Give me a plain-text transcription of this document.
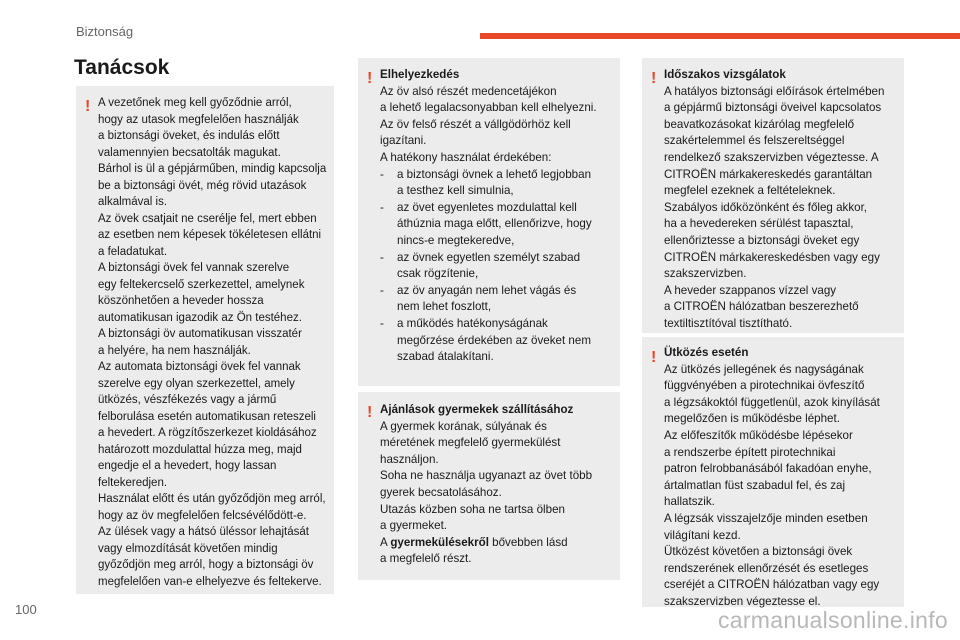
Biztonság
Tanácsok
! A vezetőnek meg kell győződnie arról,
hogy az utasok megfelelően használják
a biztonsági öveket, és indulás előtt
valamennyien becsatolták magukat.
Bárhol is ül a gépjárműben, mindig kapcsolja
be a biztonsági övét, még rövid utazások
alkalmával is.
Az övek csatjait ne cserélje fel, mert ebben
az esetben nem képesek tökéletesen ellátni
a feladatukat.
A biztonsági övek fel vannak szerelve
egy feltekercselő szerkezettel, amelynek
köszönhetően a heveder hossza
automatikusan igazodik az Ön testéhez.
A biztonsági öv automatikusan visszatér
a helyére, ha nem használják.
Az automata biztonsági övek fel vannak
szerelve egy olyan szerkezettel, amely
ütközés, vészfékezés vagy a jármű
felborulása esetén automatikusan reteszeli
a hevedert. A rögzítőszerkezet kioldásához
határozott mozdulattal húzza meg, majd
engedje el a hevedert, hogy lassan
feltekeredjen.
Használat előtt és után győződjön meg arról,
hogy az öv megfelelően felcsévélődött-e.
Az ülések vagy a hátsó üléssor lehajtását
vagy elmozdítását követően mindig
győződjön meg arról, hogy a biztonsági öv
megfelelően van-e elhelyezve és feltekerve.
! Elhelyezkedés
Az öv alsó részét medencetájékon
a lehető legalacsonyabban kell elhelyezni.
Az öv felső részét a vállgödörhöz kell
igazítani.
A hatékony használat érdekében:
-	a biztonsági övnek a lehető legjobban
a testhez kell simulnia,
-	az övet egyenletes mozdulattal kell
áthúznia maga előtt, ellenőrizve, hogy
nincs-e megtekeredve,
-	az övnek egyetlen személyt szabad
csak rögzítenie,
-	az öv anyagán nem lehet vágás és
nem lehet foszlott,
-	a működés hatékonyságának
megőrzése érdekében az öveket nem
szabad átalakítani.
! Ajánlások gyermekek szállításához
A gyermek korának, súlyának és
méretének megfelelő gyermekülést
használjon.
Soha ne használja ugyanazt az övet több
gyerek becsatolásához.
Utazás közben soha ne tartsa ölben
a gyermeket.
A gyermekülésekről bővebben lásd
a megfelelő részt.
! Időszakos vizsgálatok
A hatályos biztonsági előírások értelmében
a gépjármű biztonsági öveivel kapcsolatos
beavatkozásokat kizárólag megfelelő
szakértelemmel és felszereltséggel
rendelkező szakszervizben végeztesse. A
CITROËN márkakereskedés garantáltan
megfelel ezeknek a feltételeknek.
Szabályos időközönként és főleg akkor,
ha a hevedereken sérülést tapasztal,
ellenőriztesse a biztonsági öveket egy
CITROËN márkakereskedésben vagy egy
szakszervizben.
A heveder szappanos vízzel vagy
a CITROËN hálózatban beszerezhető
textiltisztítóval tisztítható.
! Ütközés esetén
Az ütközés jellegének és nagyságának
függvényében a pirotechnikai övfeszítő
a légzsákoktól függetlenül, azok kinyílását
megelőzően is működésbe léphet.
Az előfeszítők működésbe lépésekor
a rendszerbe épített pirotechnikai
patron felrobbanásából fakadóan enyhe,
ártalmatlan füst szabadul fel, és zaj
hallatszik.
A légzsák visszajelzője minden esetben
világítani kezd.
Ütközést követően a biztonsági övek
rendszerének ellenőrzését és esetleges
cseréjét a CITROËN hálózatban vagy egy
szakszervizben végeztesse el.
100	carmanualsonline.info
